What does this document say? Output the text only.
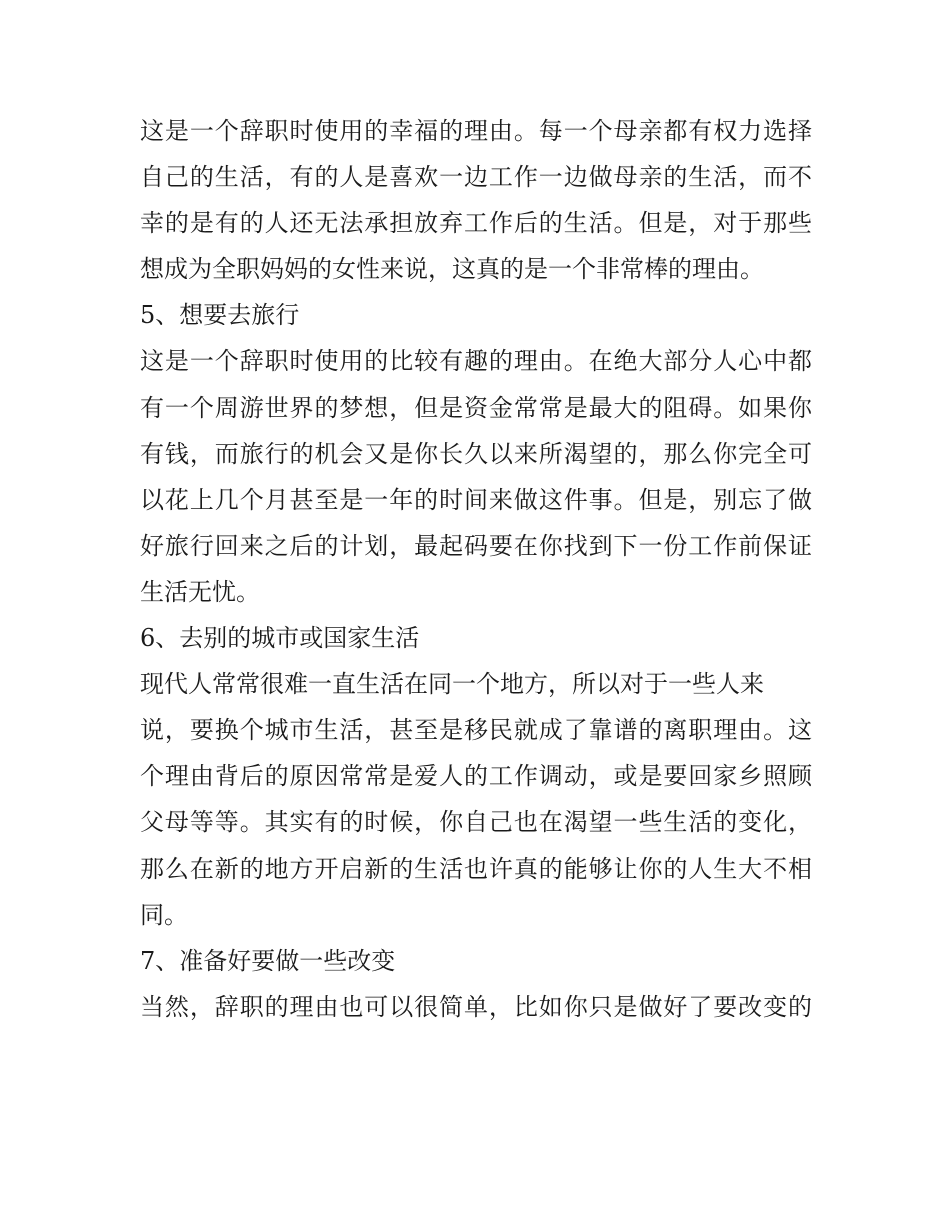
这是一个辞职时使用的幸福的理由。每一个母亲都有权力选择
自己的生活，有的人是喜欢一边工作一边做母亲的生活，而不
幸的是有的人还无法承担放弃工作后的生活。但是，对于那些
想成为全职妈妈的女性来说，这真的是一个非常棒的理由。
5、想要去旅行
这是一个辞职时使用的比较有趣的理由。在绝大部分人心中都
有一个周游世界的梦想，但是资金常常是最大的阻碍。如果你
有钱，而旅行的机会又是你长久以来所渴望的，那么你完全可
以花上几个月甚至是一年的时间来做这件事。但是，别忘了做
好旅行回来之后的计划，最起码要在你找到下一份工作前保证
生活无忧。
6、去别的城市或国家生活
现代人常常很难一直生活在同一个地方，所以对于一些人来
说，要换个城市生活，甚至是移民就成了靠谱的离职理由。这
个理由背后的原因常常是爱人的工作调动，或是要回家乡照顾
父母等等。其实有的时候，你自己也在渴望一些生活的变化，
那么在新的地方开启新的生活也许真的能够让你的人生大不相
同。
7、准备好要做一些改变
当然，辞职的理由也可以很简单，比如你只是做好了要改变的
